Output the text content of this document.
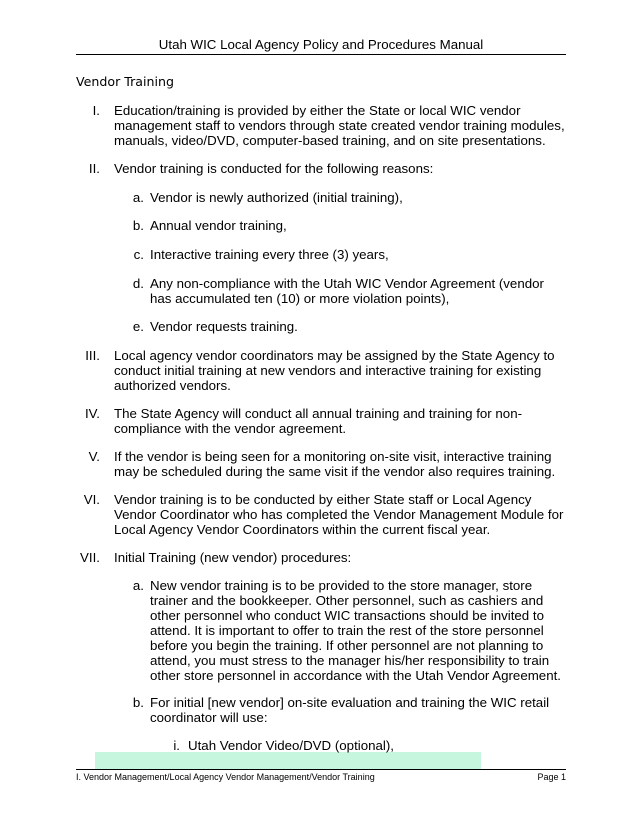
Utah WIC Local Agency Policy and Procedures Manual
Vendor Training
I. Education/training is provided by either the State or local WIC vendor management staff to vendors through state created vendor training modules, manuals, video/DVD, computer-based training, and on site presentations.
II. Vendor training is conducted for the following reasons:
a. Vendor is newly authorized (initial training),
b. Annual vendor training,
c. Interactive training every three (3) years,
d. Any non-compliance with the Utah WIC Vendor Agreement (vendor has accumulated ten (10) or more violation points),
e. Vendor requests training.
III. Local agency vendor coordinators may be assigned by the State Agency to conduct initial training at new vendors and interactive training for existing authorized vendors.
IV. The State Agency will conduct all annual training and training for non-compliance with the vendor agreement.
V. If the vendor is being seen for a monitoring on-site visit, interactive training may be scheduled during the same visit if the vendor also requires training.
VI. Vendor training is to be conducted by either State staff or Local Agency Vendor Coordinator who has completed the Vendor Management Module for Local Agency Vendor Coordinators within the current fiscal year.
VII. Initial Training (new vendor) procedures:
a. New vendor training is to be provided to the store manager, store trainer and the bookkeeper. Other personnel, such as cashiers and other personnel who conduct WIC transactions should be invited to attend. It is important to offer to train the rest of the store personnel before you begin the training. If other personnel are not planning to attend, you must stress to the manager his/her responsibility to train other store personnel in accordance with the Utah Vendor Agreement.
b. For initial [new vendor] on-site evaluation and training the WIC retail coordinator will use:
i. Utah Vendor Video/DVD (optional),
I. Vendor Management/Local Agency Vendor Management/Vendor Training	Page 1
